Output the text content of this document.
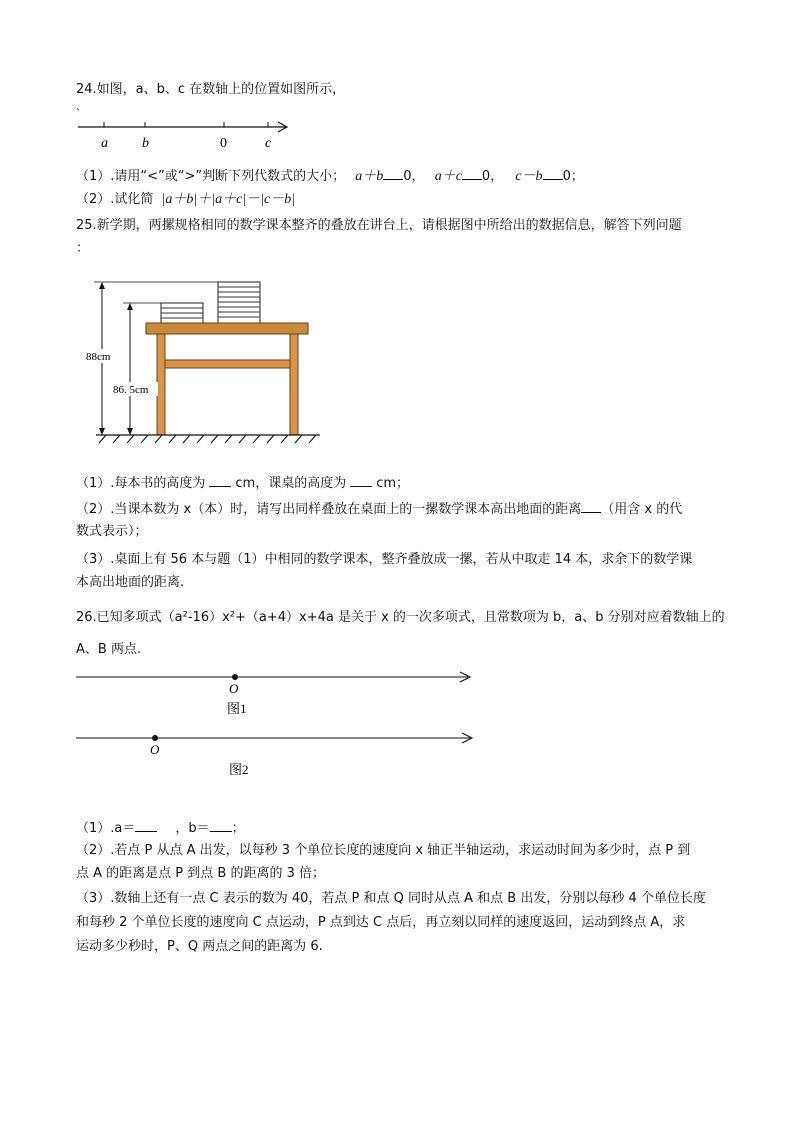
24.如图，a、b、c 在数轴上的位置如图所示，
、
a b	0	c
（1）.请用“<”或“>”判断下列代数式的大小； a＋b 0， a＋c 0， c－b 0；
（2）.试化简 |a＋b|＋|a＋c|－|c－b|
25.新学期，两摞规格相同的数学课本整齐的叠放在讲台上，请根据图中所给出的数据信息，解答下列问题
：
88cm
86. 5cm
（1）.每本书的高度为 cm，课桌的高度为 cm；
（2）.当课本数为 x（本）时，请写出同样叠放在桌面上的一摞数学课本高出地面的距离 （用含 x 的代
数式表示）；
（3）.桌面上有 56 本与题（1）中相同的数学课本，整齐叠放成一摞，若从中取走 14 本，求余下的数学课
本高出地面的距离.
26.已知多项式（a²-16）x²+（a+4）x+4a 是关于 x 的一次多项式，且常数项为 b，a、b 分别对应着数轴上的
A、B 两点.
O
图1
O
图2
（1）.a＝	，b＝ ；
（2）.若点 P 从点 A 出发，以每秒 3 个单位长度的速度向 x 轴正半轴运动，求运动时间为多少时，点 P 到
点 A 的距离是点 P 到点 B 的距离的 3 倍；
（3）.数轴上还有一点 C 表示的数为 40，若点 P 和点 Q 同时从点 A 和点 B 出发，分别以每秒 4 个单位长度
和每秒 2 个单位长度的速度向 C 点运动，P 点到达 C 点后，再立刻以同样的速度返回，运动到终点 A，求
运动多少秒时，P、Q 两点之间的距离为 6.
